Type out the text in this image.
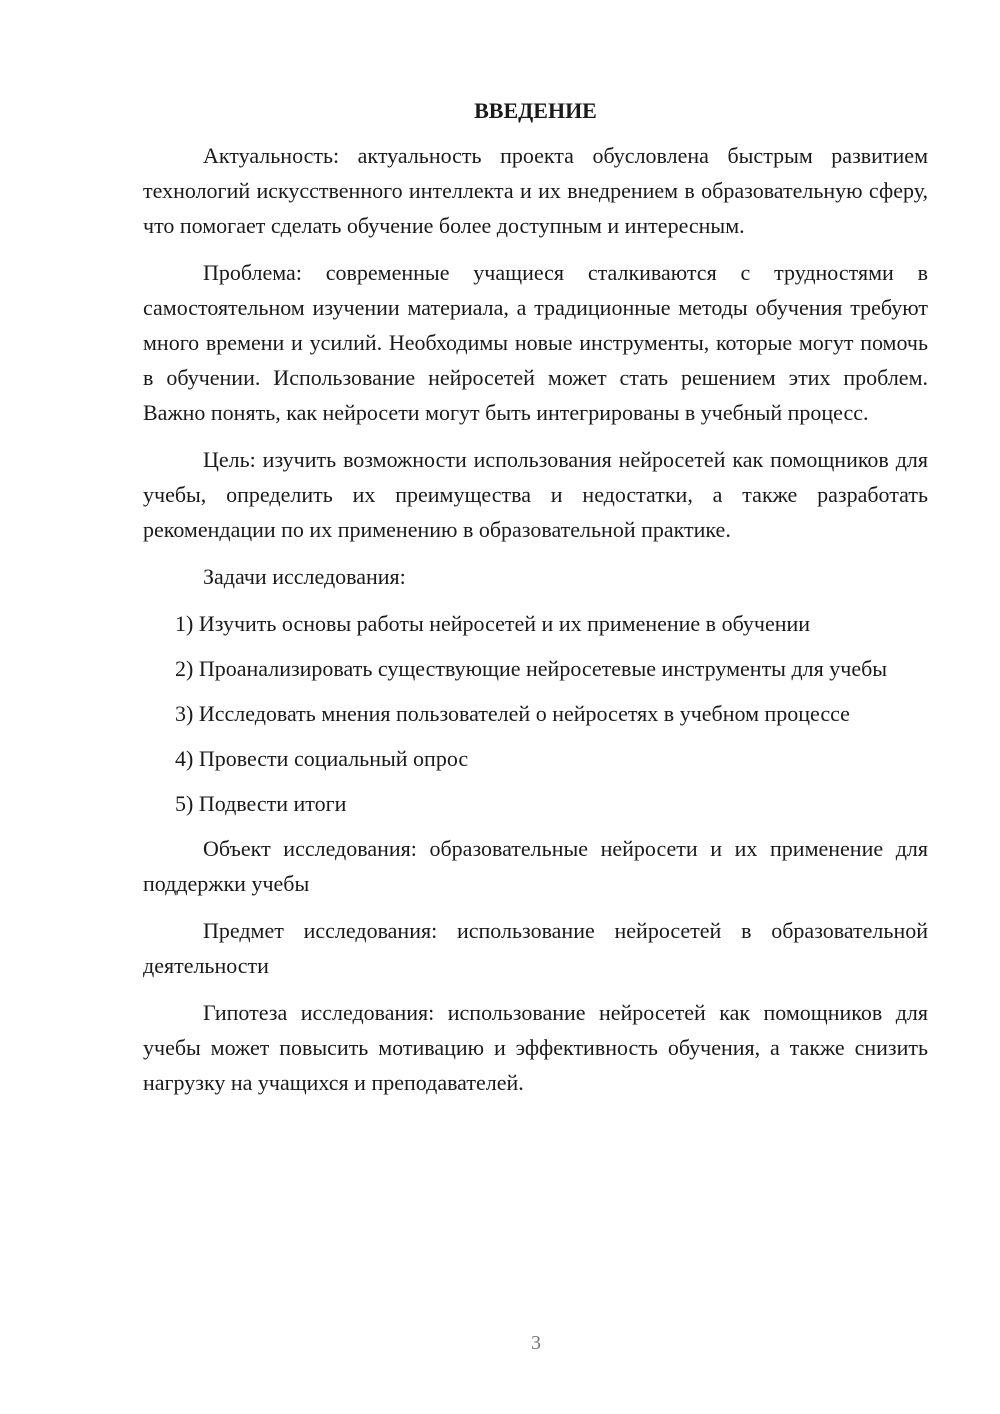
ВВЕДЕНИЕ

Актуальность: актуальность проекта обусловлена быстрым развитием технологий искусственного интеллекта и их внедрением в образовательную сферу, что помогает сделать обучение более доступным и интересным.

Проблема: современные учащиеся сталкиваются с трудностями в самостоятельном изучении материала, а традиционные методы обучения требуют много времени и усилий. Необходимы новые инструменты, которые могут помочь в обучении. Использование нейросетей может стать решением этих проблем. Важно понять, как нейросети могут быть интегрированы в учебный процесс.

Цель: изучить возможности использования нейросетей как помощников для учебы, определить их преимущества и недостатки, а также разработать рекомендации по их применению в образовательной практике.

Задачи исследования:

1) Изучить основы работы нейросетей и их применение в обучении

2) Проанализировать существующие нейросетевые инструменты для учебы

3) Исследовать мнения пользователей о нейросетях в учебном процессе

4) Провести социальный опрос

5) Подвести итоги

Объект исследования: образовательные нейросети и их применение для поддержки учебы

Предмет исследования: использование нейросетей в образовательной деятельности

Гипотеза исследования: использование нейросетей как помощников для учебы может повысить мотивацию и эффективность обучения, а также снизить нагрузку на учащихся и преподавателей.

3
